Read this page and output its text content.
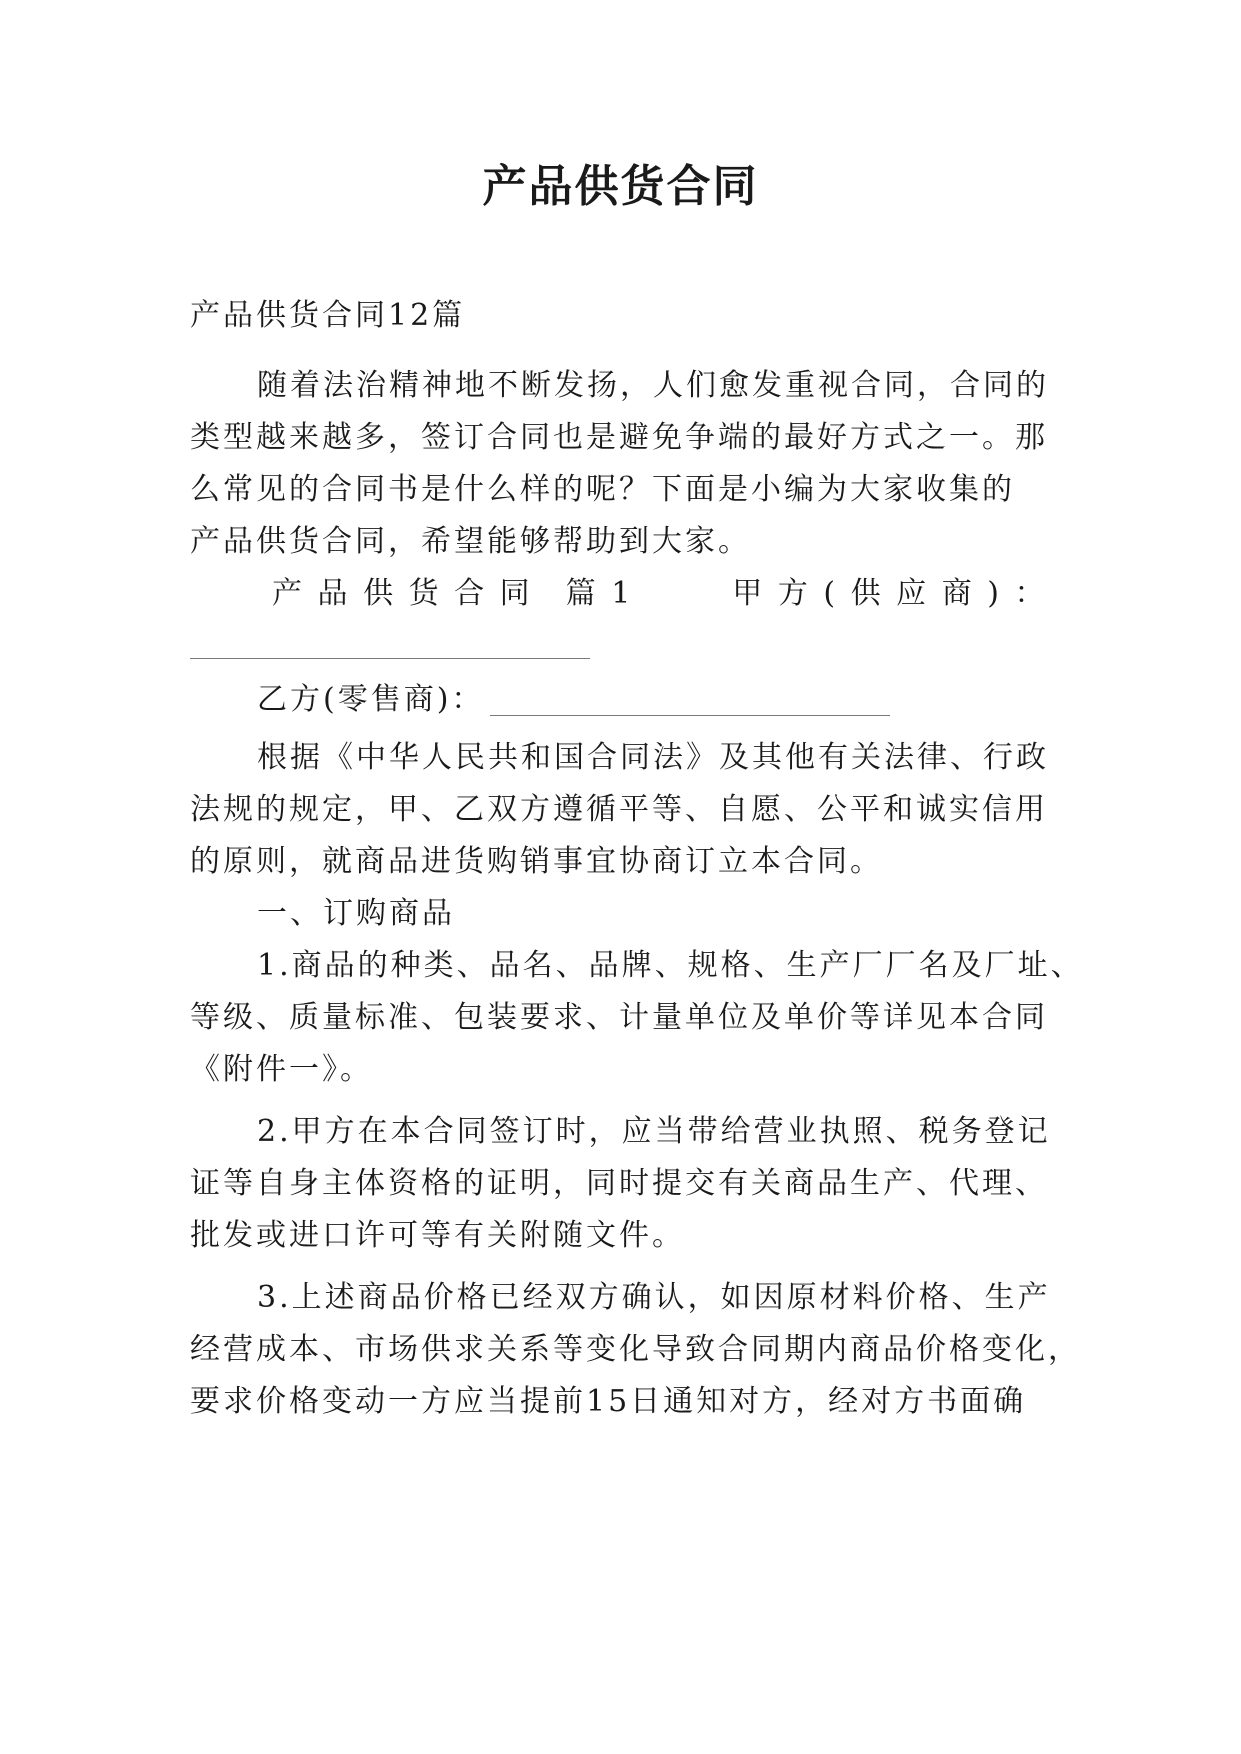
产品供货合同
产品供货合同12篇
随着法治精神地不断发扬，人们愈发重视合同，合同的
类型越来越多，签订合同也是避免争端的最好方式之一。那
么常见的合同书是什么样的呢？下面是小编为大家收集的
产品供货合同，希望能够帮助到大家。
产 品 供 货 合 同　篇 1　　　甲 方 ( 供 应 商 ) ：
乙方(零售商)：
根据《中华人民共和国合同法》及其他有关法律、行政
法规的规定，甲、乙双方遵循平等、自愿、公平和诚实信用
的原则，就商品进货购销事宜协商订立本合同。
一、订购商品
1.商品的种类、品名、品牌、规格、生产厂厂名及厂址、
等级、质量标准、包装要求、计量单位及单价等详见本合同
《附件一》。
2.甲方在本合同签订时，应当带给营业执照、税务登记
证等自身主体资格的证明，同时提交有关商品生产、代理、
批发或进口许可等有关附随文件。
3.上述商品价格已经双方确认，如因原材料价格、生产
经营成本、市场供求关系等变化导致合同期内商品价格变化，
要求价格变动一方应当提前15日通知对方，经对方书面确
